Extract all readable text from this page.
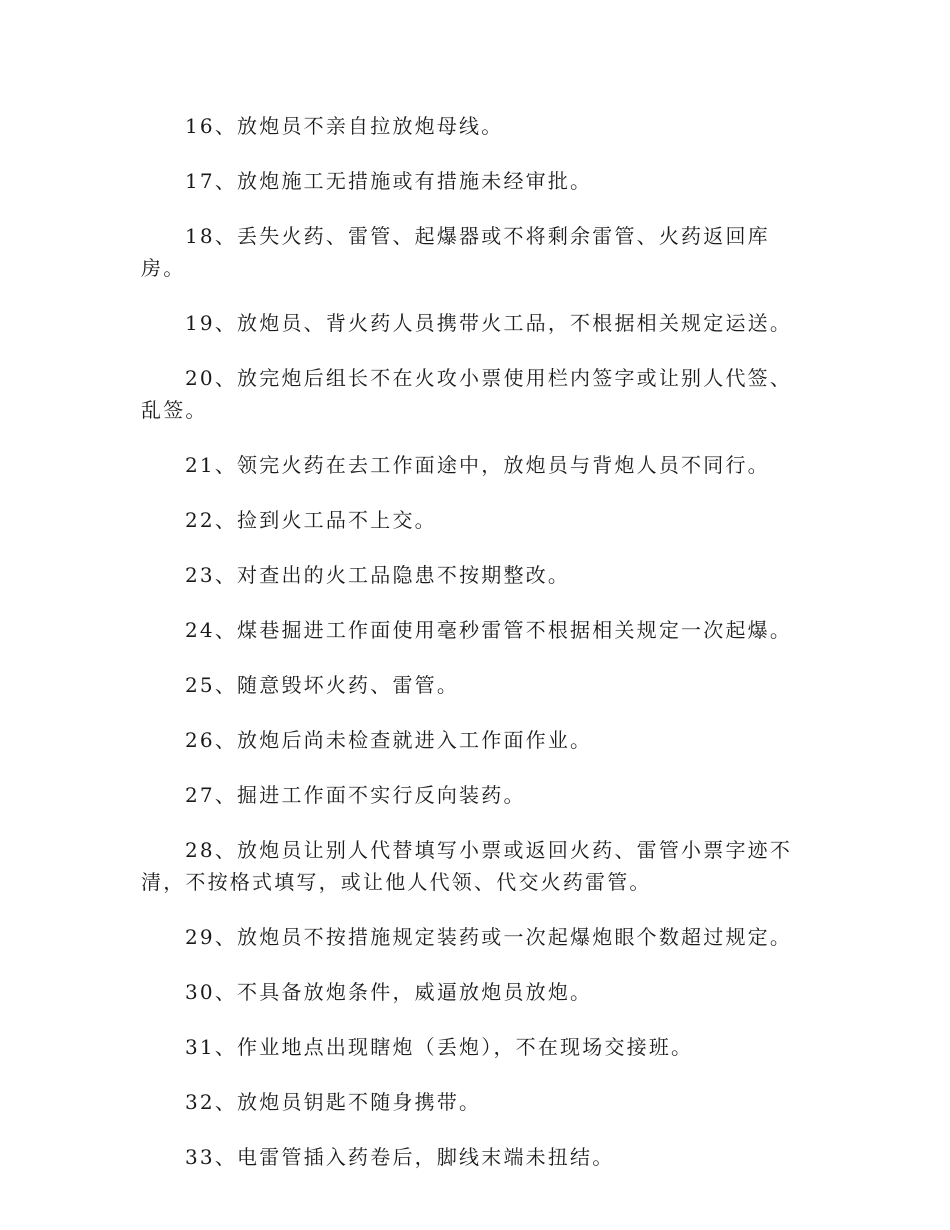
16、放炮员不亲自拉放炮母线。

17、放炮施工无措施或有措施未经审批。

18、丢失火药、雷管、起爆器或不将剩余雷管、火药返回库房。

19、放炮员、背火药人员携带火工品，不根据相关规定运送。

20、放完炮后组长不在火攻小票使用栏内签字或让别人代签、乱签。

21、领完火药在去工作面途中，放炮员与背炮人员不同行。

22、捡到火工品不上交。

23、对查出的火工品隐患不按期整改。

24、煤巷掘进工作面使用毫秒雷管不根据相关规定一次起爆。

25、随意毁坏火药、雷管。

26、放炮后尚未检查就进入工作面作业。

27、掘进工作面不实行反向装药。

28、放炮员让别人代替填写小票或返回火药、雷管小票字迹不清，不按格式填写，或让他人代领、代交火药雷管。

29、放炮员不按措施规定装药或一次起爆炮眼个数超过规定。

30、不具备放炮条件，威逼放炮员放炮。

31、作业地点出现瞎炮（丢炮），不在现场交接班。

32、放炮员钥匙不随身携带。

33、电雷管插入药卷后，脚线末端未扭结。
